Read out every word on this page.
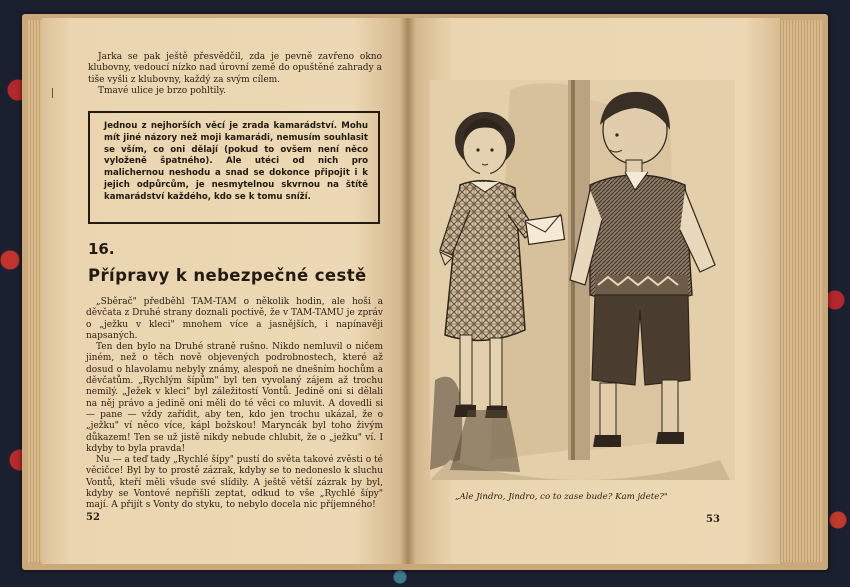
Jarka se pak ještě přesvědčil, zda je pevně zavřeno okno klubovny, vedoucí nízko nad úrovní země do opuštěné zahrady a tiše vyšli z klubovny, každý za svým cílem.

Tmavé ulice je brzo pohltily.

Jednou z nejhorších věcí je zrada kamarádství. Mohu mít jiné názory než moji kamarádi, nemusím souhlasit se vším, co oni dělají (pokud to ovšem není něco vyloženě špatného). Ale utéci od nich pro malichernou neshodu a snad se dokonce připojit i k jejich odpůrcům, je nesmytelnou skvrnou na štítě kamarádství každého, kdo se k tomu sníží.
16.
Přípravy k nebezpečné cestě

„Sběrač" předběhl TAM-TAM o několik hodin, ale hoši a děvčata z Druhé strany doznali poctivě, že v TAM-TAMU je zpráv o „ježku v kleci" mnohem více a jasnějších, i napínavěji napsaných.

Ten den bylo na Druhé straně rušno. Nikdo nemluvil o ničem jiném, než o těch nově objevených podrobnostech, které až dosud o hlavolamu nebyly známy, alespoň ne dnešním hochům a děvčatům. „Rychlým šípům" byl ten vyvolaný zájem až trochu nemilý. „Ježek v kleci" byl záležitostí Vontů. Jedině oni si dělali na něj právo a jedině oni měli do té věci co mluvit. A dovedli si — pane — vždy zařídit, aby ten, kdo jen trochu ukázal, že o „ježku" ví něco více, kápl božskou! Maryncák byl toho živým důkazem! Ten se už jistě nikdy nebude chlubit, že o „ježku" ví. I kdyby to byla pravda!

Nu — a teď tady „Rychlé šípy" pustí do světa takové zvěsti o té věcičce! Byl by to prostě zázrak, kdyby se to nedoneslo k sluchu Vontů, kteří měli všude své slídily. A ještě větší zázrak by byl, kdyby se Vontové nepřišli zeptat, odkud to vše „Rychlé šípy" mají. A přijít s Vonty do styku, to nebylo docela nic příjemného!

52
„Ale Jindro, Jindro, co to zase bude? Kam jdete?"
53
